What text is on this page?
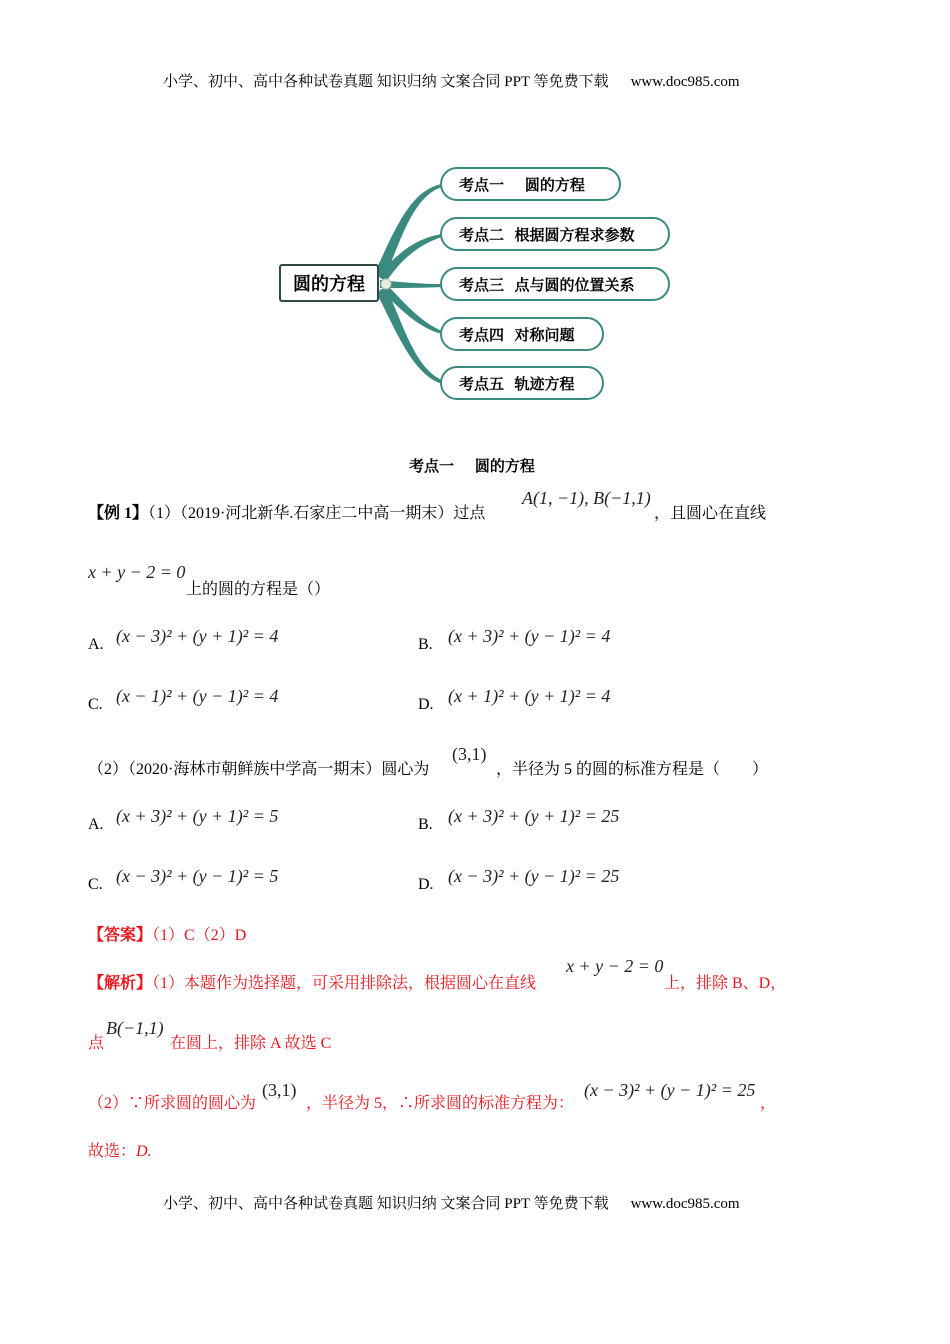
小学、初中、高中各种试卷真题 知识归纳 文案合同 PPT 等免费下载 www.doc985.com
圆的方程
考点一    圆的方程
考点二  根据圆方程求参数
考点三  点与圆的位置关系
考点四  对称问题
考点五  轨迹方程
考点一    圆的方程
【例 1】（1）（2019·河北新华.石家庄二中高一期末）过点
A(1, −1), B(−1,1)
，且圆心在直线
x + y − 2 = 0
上的圆的方程是（）
A. (x − 3)² + (y + 1)² = 4	B. (x + 3)² + (y − 1)² = 4
C. (x − 1)² + (y − 1)² = 4	D. (x + 1)² + (y + 1)² = 4
（2）（2020·海林市朝鲜族中学高一期末）圆心为
(3,1)
，半径为 5 的圆的标准方程是（        ）
A. (x + 3)² + (y + 1)² = 5	B. (x + 3)² + (y + 1)² = 25
C. (x − 3)² + (y − 1)² = 5	D. (x − 3)² + (y − 1)² = 25
【答案】（1）C（2）D
【解析】（1）本题作为选择题，可采用排除法，根据圆心在直线
x + y − 2 = 0
上，排除 B、D，
点
B(−1,1)
在圆上，排除 A 故选 C
（2）∵所求圆的圆心为
(3,1)
，半径为 5，∴所求圆的标准方程为：
(x − 3)² + (y − 1)² = 25
，
故选：D.
小学、初中、高中各种试卷真题 知识归纳 文案合同 PPT 等免费下载 www.doc985.com
